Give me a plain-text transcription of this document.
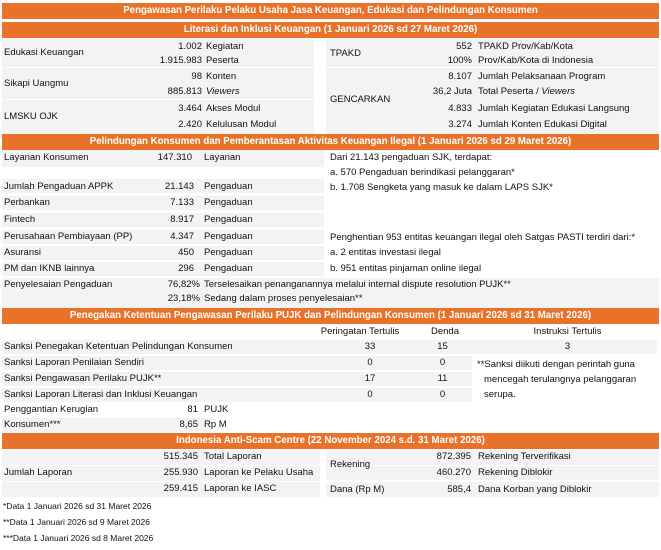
Pengawasan Perilaku Pelaku Usaha Jasa Keuangan, Edukasi dan Pelindungan Konsumen
Literasi dan Inklusi Keuangan (1 Januari 2026 sd 27 Maret 2026)
Edukasi Keuangan
1.002 Kegiatan
1.915.983 Peserta
Sikapi Uangmu
98 Konten
885.813 Viewers
LMSKU OJK
3.464 Akses Modul
2.420 Kelulusan Modul
TPAKD
552 TPAKD Prov/Kab/Kota
100% Prov/Kab/Kota di Indonesia
GENCARKAN
8.107 Jumlah Pelaksanaan Program
36,2 Juta Total Peserta / Viewers
4.833 Jumlah Kegiatan Edukasi Langsung
3.274 Jumlah Konten Edukasi Digital
Pelindungan Konsumen dan Pemberantasan Aktivitas Keuangan Ilegal (1 Januari 2026 sd 29 Maret 2026)
Layanan Konsumen	147.310 Layanan
Jumlah Pengaduan APPK	21.143 Pengaduan
Perbankan	7.133 Pengaduan
Fintech	8.917 Pengaduan
Perusahaan Pembiayaan (PP)	4.347 Pengaduan
Asuransi	450 Pengaduan
PM dan IKNB lainnya	296 Pengaduan
Dari 21.143 pengaduan SJK, terdapat:
a. 570 Pengaduan berindikasi pelanggaran*
b. 1.708 Sengketa yang masuk ke dalam LAPS SJK*
Penghentian 953 entitas keuangan ilegal oleh Satgas PASTI terdiri dari:*
a. 2 entitas investasi ilegal
b. 951 entitas pinjaman online ilegal
Penyelesaian Pengaduan	76,82% Terselesaikan penanganannya melalui internal dispute resolution PUJK**
23,18% Sedang dalam proses penyelesaian**
Penegakan Ketentuan Pengawasan Perilaku PUJK dan Pelindungan Konsumen (1 Januari 2026 sd 31 Maret 2026)
Peringatan Tertulis	Denda	Instruksi Tertulis
Sanksi Penegakan Ketentuan Pelindungan Konsumen	33	15	3
Sanksi Laporan Penilaian Sendiri	0	0
Sanksi Pengawasan Perilaku PUJK**	17	11
Sanksi Laporan Literasi dan Inklusi Keuangan	0	0
**Sanksi diikuti dengan perintah guna
mencegah terulangnya pelanggaran
serupa.
Penggantian Kerugian
Konsumen***
81 PUJK
8,65 Rp M
Indonesia Anti-Scam Centre (22 November 2024 s.d. 31 Maret 2026)
Jumlah Laporan
515.345 Total Laporan
255.930 Laporan ke Pelaku Usaha
259.415 Laporan ke IASC
Rekening
872.395 Rekening Terverifikasi
460.270 Rekening Diblokir
Dana (Rp M)	585,4 Dana Korban yang Diblokir
*Data 1 Januari 2026 sd 31 Maret 2026
**Data 1 Januari 2026 sd 9 Maret 2026
***Data 1 Januari 2026 sd 8 Maret 2026
